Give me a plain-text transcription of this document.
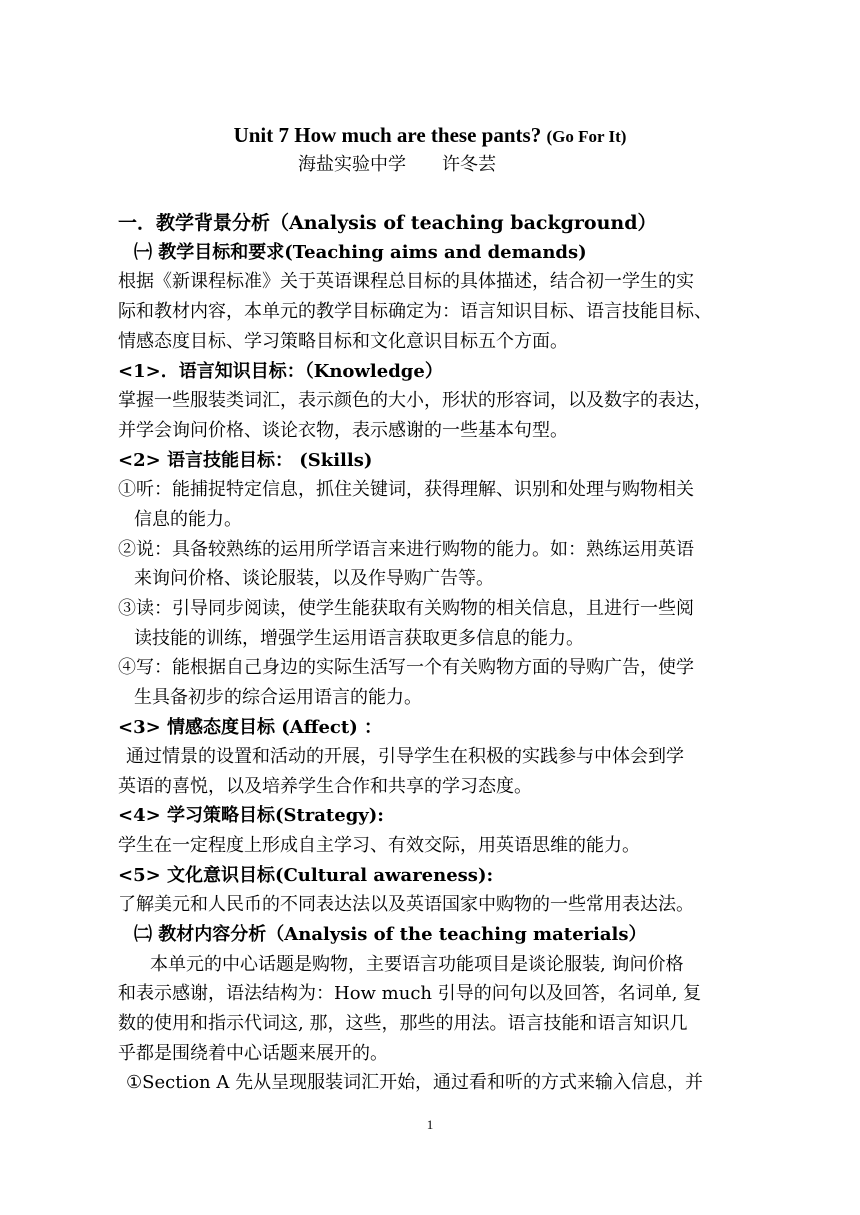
Unit 7 How much are these pants? (Go For It)
海盐实验中学 许冬芸
一．教学背景分析（Analysis of teaching background）
㈠ 教学目标和要求(Teaching aims and demands)
根据《新课程标准》关于英语课程总目标的具体描述，结合初一学生的实
际和教材内容，本单元的教学目标确定为：语言知识目标、语言技能目标、
情感态度目标、学习策略目标和文化意识目标五个方面。
<1>．语言知识目标：（Knowledge）
掌握一些服装类词汇，表示颜色的大小，形状的形容词，以及数字的表达，
并学会询问价格、谈论衣物，表示感谢的一些基本句型。
<2> 语言技能目标： (Skills)
①听：能捕捉特定信息，抓住关键词，获得理解、识别和处理与购物相关
信息的能力。
②说：具备较熟练的运用所学语言来进行购物的能力。如：熟练运用英语
来询问价格、谈论服装，以及作导购广告等。
③读：引导同步阅读，使学生能获取有关购物的相关信息，且进行一些阅
读技能的训练，增强学生运用语言获取更多信息的能力。
④写：能根据自己身边的实际生活写一个有关购物方面的导购广告，使学
生具备初步的综合运用语言的能力。
<3> 情感态度目标 (Affect) ：
通过情景的设置和活动的开展，引导学生在积极的实践参与中体会到学
英语的喜悦，以及培养学生合作和共享的学习态度。
<4> 学习策略目标(Strategy):
学生在一定程度上形成自主学习、有效交际，用英语思维的能力。
<5> 文化意识目标(Cultural awareness):
了解美元和人民币的不同表达法以及英语国家中购物的一些常用表达法。
㈡ 教材内容分析（Analysis of the teaching materials）
本单元的中心话题是购物，主要语言功能项目是谈论服装, 询问价格
和表示感谢，语法结构为：How much 引导的问句以及回答，名词单, 复
数的使用和指示代词这, 那，这些，那些的用法。语言技能和语言知识几
乎都是围绕着中心话题来展开的。
①Section A 先从呈现服装词汇开始，通过看和听的方式来输入信息，并
1
